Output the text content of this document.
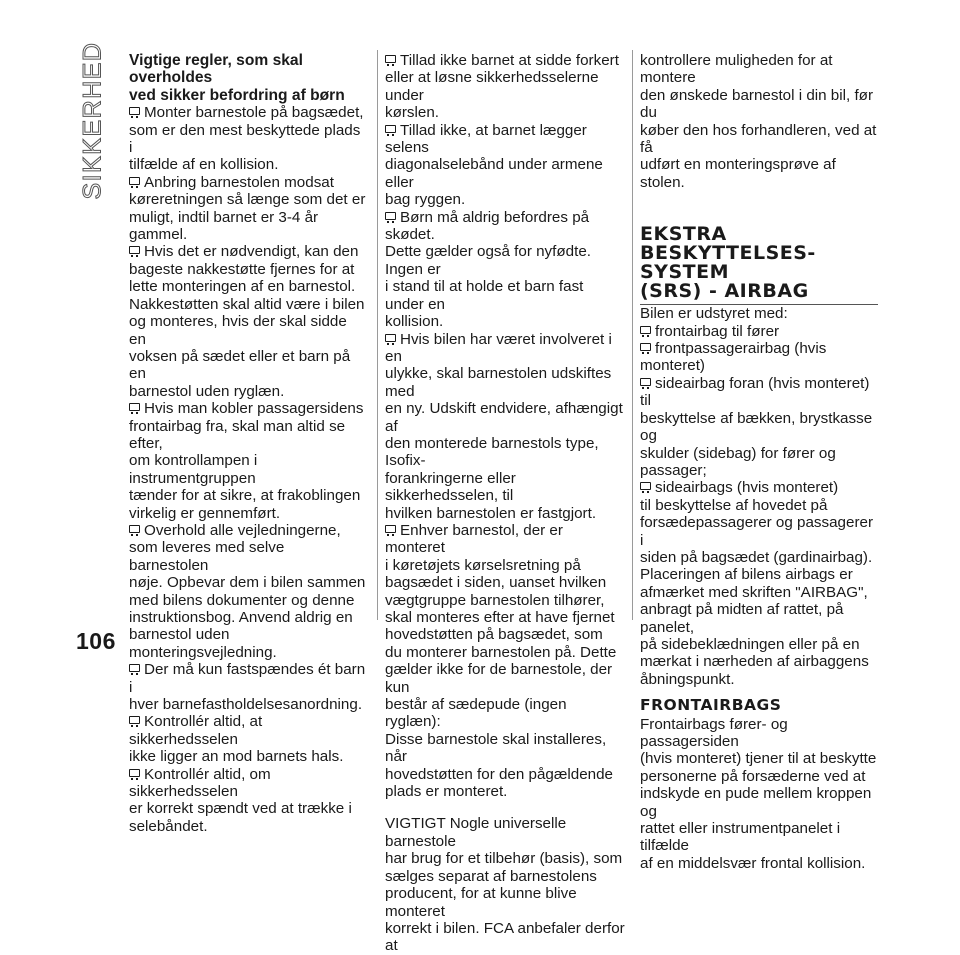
SIKKERHED Vigtige regler, som skal overholdes
ved sikker befordring af børn

Monter barnestole på bagsædet,
som er den mest beskyttede plads i
tilfælde af en kollision.

Anbring barnestolen modsat
køreretningen så længe som det er
muligt, indtil barnet er 3-4 år gammel.

Hvis det er nødvendigt, kan den
bageste nakkestøtte fjernes for at
lette monteringen af en barnestol.
Nakkestøtten skal altid være i bilen
og monteres, hvis der skal sidde en
voksen på sædet eller et barn på en
barnestol uden ryglæn.

Hvis man kobler passagersidens
frontairbag fra, skal man altid se efter,
om kontrollampen i instrumentgruppen
tænder for at sikre, at frakoblingen
virkelig er gennemført.

Overhold alle vejledningerne,
som leveres med selve barnestolen
nøje. Opbevar dem i bilen sammen
med bilens dokumenter og denne
instruktionsbog. Anvend aldrig en
barnestol uden monteringsvejledning.

Der må kun fastspændes ét barn i
hver barnefastholdelsesanordning.

Kontrollér altid, at sikkerhedsselen
ikke ligger an mod barnets hals.

Kontrollér altid, om sikkerhedsselen
er korrekt spændt ved at trække i
selebåndet.

Tillad ikke barnet at sidde forkert
eller at løsne sikkerhedsselerne under
kørslen.

Tillad ikke, at barnet lægger selens
diagonalselebånd under armene eller
bag ryggen.

Børn må aldrig befordres på skødet.
Dette gælder også for nyfødte. Ingen er
i stand til at holde et barn fast under en
kollision.

Hvis bilen har været involveret i en
ulykke, skal barnestolen udskiftes med
en ny. Udskift endvidere, afhængigt af
den monterede barnestols type, Isofix-
forankringerne eller sikkerhedsselen, til
hvilken barnestolen er fastgjort.

Enhver barnestol, der er monteret
i køretøjets kørselsretning på
bagsædet i siden, uanset hvilken
vægtgruppe barnestolen tilhører,
skal monteres efter at have fjernet
hovedstøtten på bagsædet, som
du monterer barnestolen på. Dette
gælder ikke for de barnestole, der kun
består af sædepude (ingen ryglæn):
Disse barnestole skal installeres, når
hovedstøtten for den pågældende
plads er monteret.

VIGTIGT Nogle universelle barnestole
har brug for et tilbehør (basis), som
sælges separat af barnestolens
producent, for at kunne blive monteret
korrekt i bilen. FCA anbefaler derfor at

kontrollere muligheden for at montere
den ønskede barnestol i din bil, før du
køber den hos forhandleren, ved at få
udført en monteringsprøve af stolen.

EKSTRA
BESKYTTELSES-
SYSTEM
(SRS) - AIRBAG

Bilen er udstyret med:

frontairbag til fører

frontpassagerairbag (hvis monteret)

sideairbag foran (hvis monteret) til
beskyttelse af bækken, brystkasse og
skulder (sidebag) for fører og passager;

sideairbags (hvis monteret)
til beskyttelse af hovedet på
forsædepassagerer og passagerer i
siden på bagsædet (gardinairbag).

Placeringen af bilens airbags er
afmærket med skriften "AIRBAG",
anbragt på midten af rattet, på panelet,
på sidebeklædningen eller på en
mærkat i nærheden af airbaggens
åbningspunkt.

FRONTAIRBAGS

Frontairbags fører- og passagersiden
(hvis monteret) tjener til at beskytte
personerne på forsæderne ved at
indskyde en pude mellem kroppen og
rattet eller instrumentpanelet i tilfælde
af en middelsvær frontal kollision.

106
